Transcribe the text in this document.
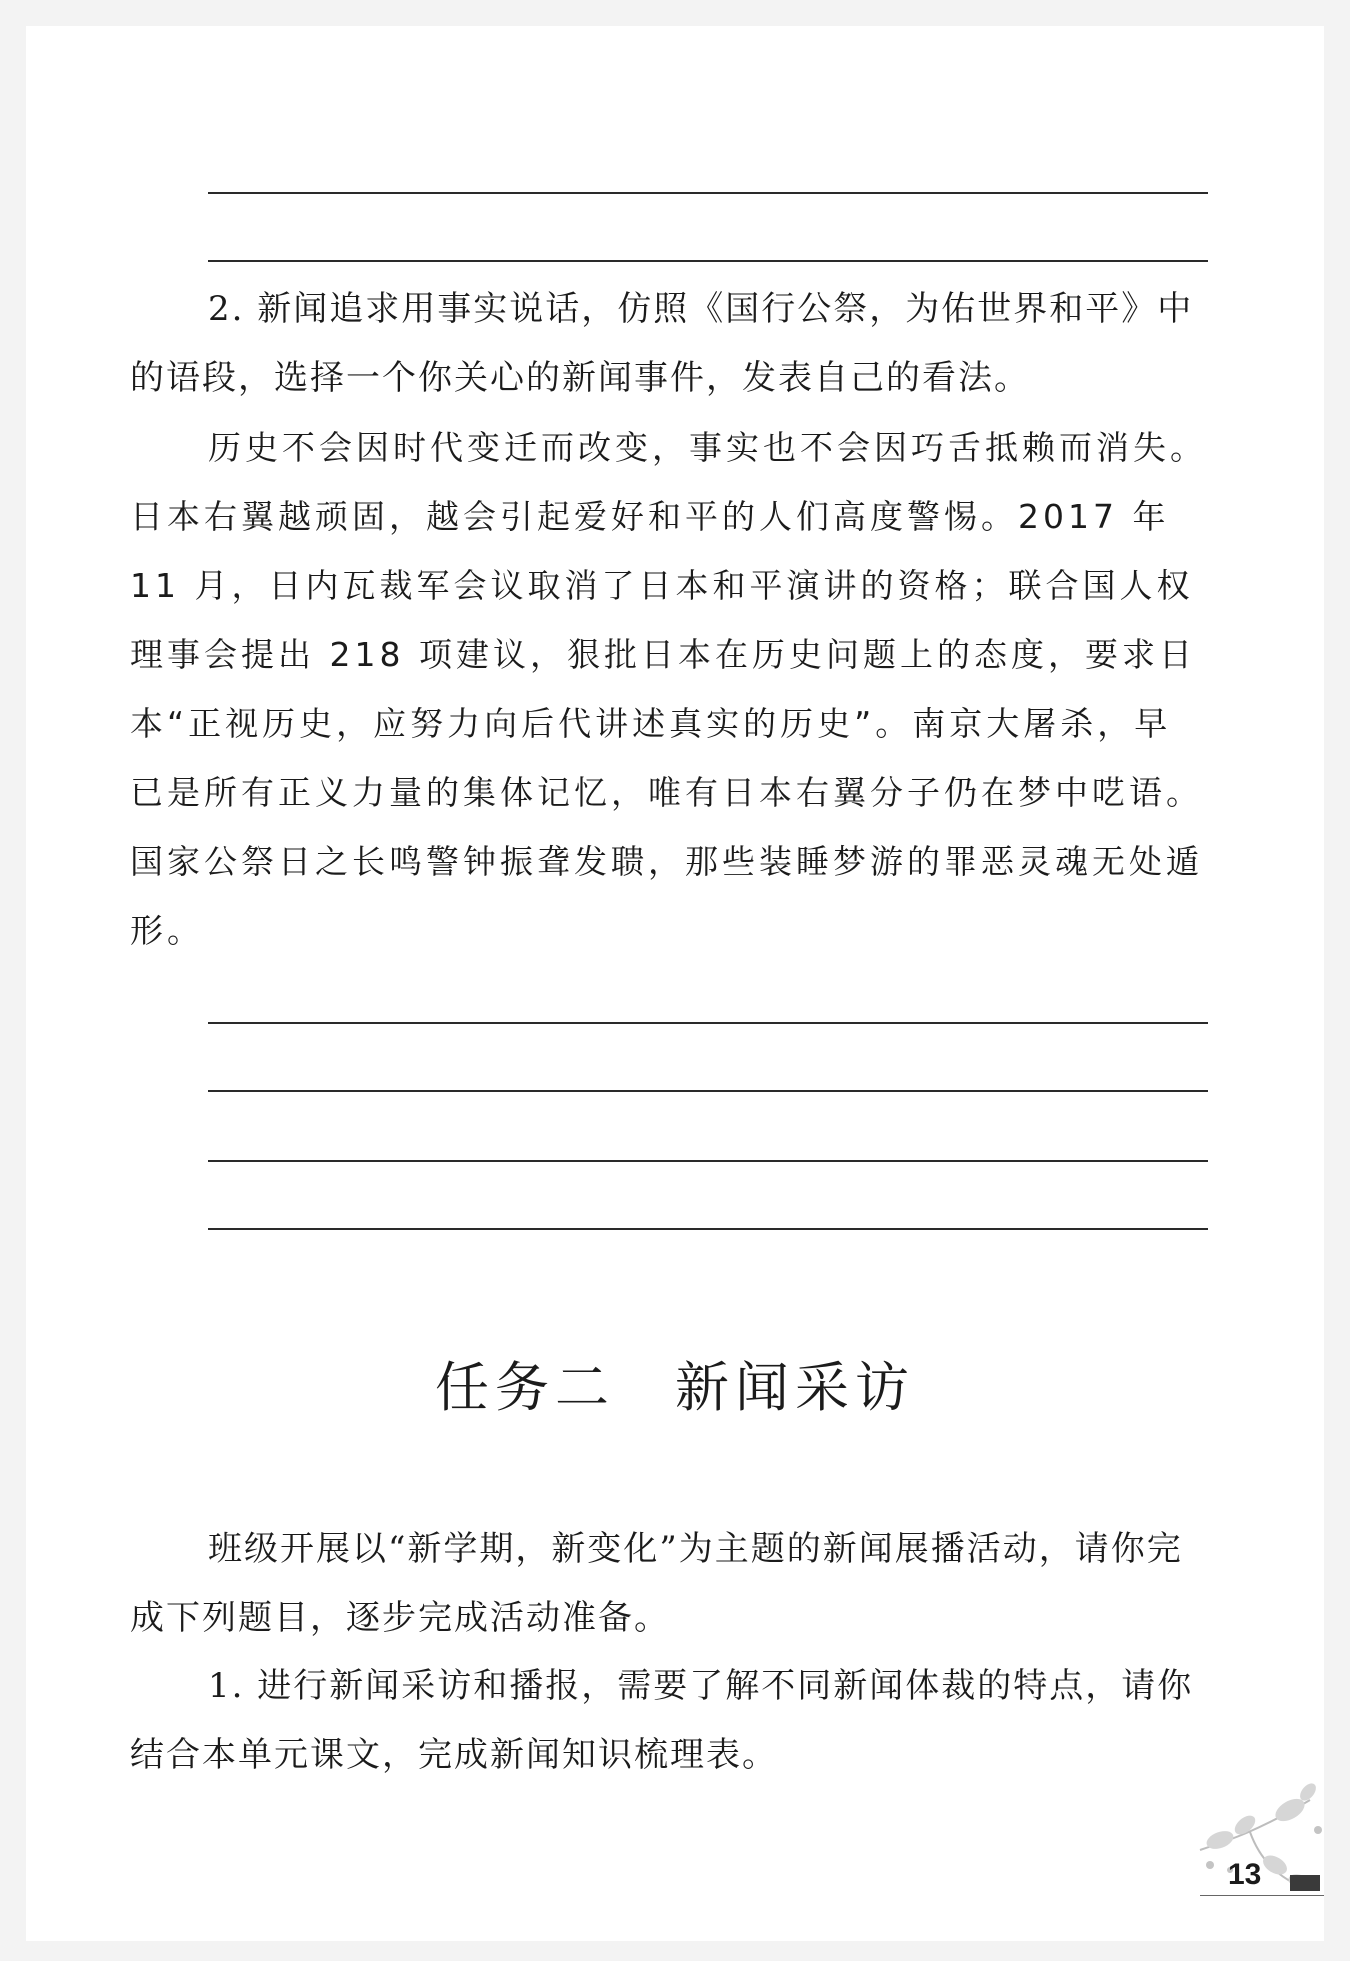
2. 新闻追求用事实说话，仿照《国行公祭，为佑世界和平》中的语段，选择一个你关心的新闻事件，发表自己的看法。

历史不会因时代变迁而改变，事实也不会因巧舌抵赖而消失。日本右翼越顽固，越会引起爱好和平的人们高度警惕。2017 年 11 月，日内瓦裁军会议取消了日本和平演讲的资格；联合国人权理事会提出 218 项建议，狠批日本在历史问题上的态度，要求日本“正视历史，应努力向后代讲述真实的历史”。南京大屠杀，早已是所有正义力量的集体记忆，唯有日本右翼分子仍在梦中呓语。国家公祭日之长鸣警钟振聋发聩，那些装睡梦游的罪恶灵魂无处遁形。

任务二　新闻采访

班级开展以“新学期，新变化”为主题的新闻展播活动，请你完成下列题目，逐步完成活动准备。

1. 进行新闻采访和播报，需要了解不同新闻体裁的特点，请你结合本单元课文，完成新闻知识梳理表。

13
